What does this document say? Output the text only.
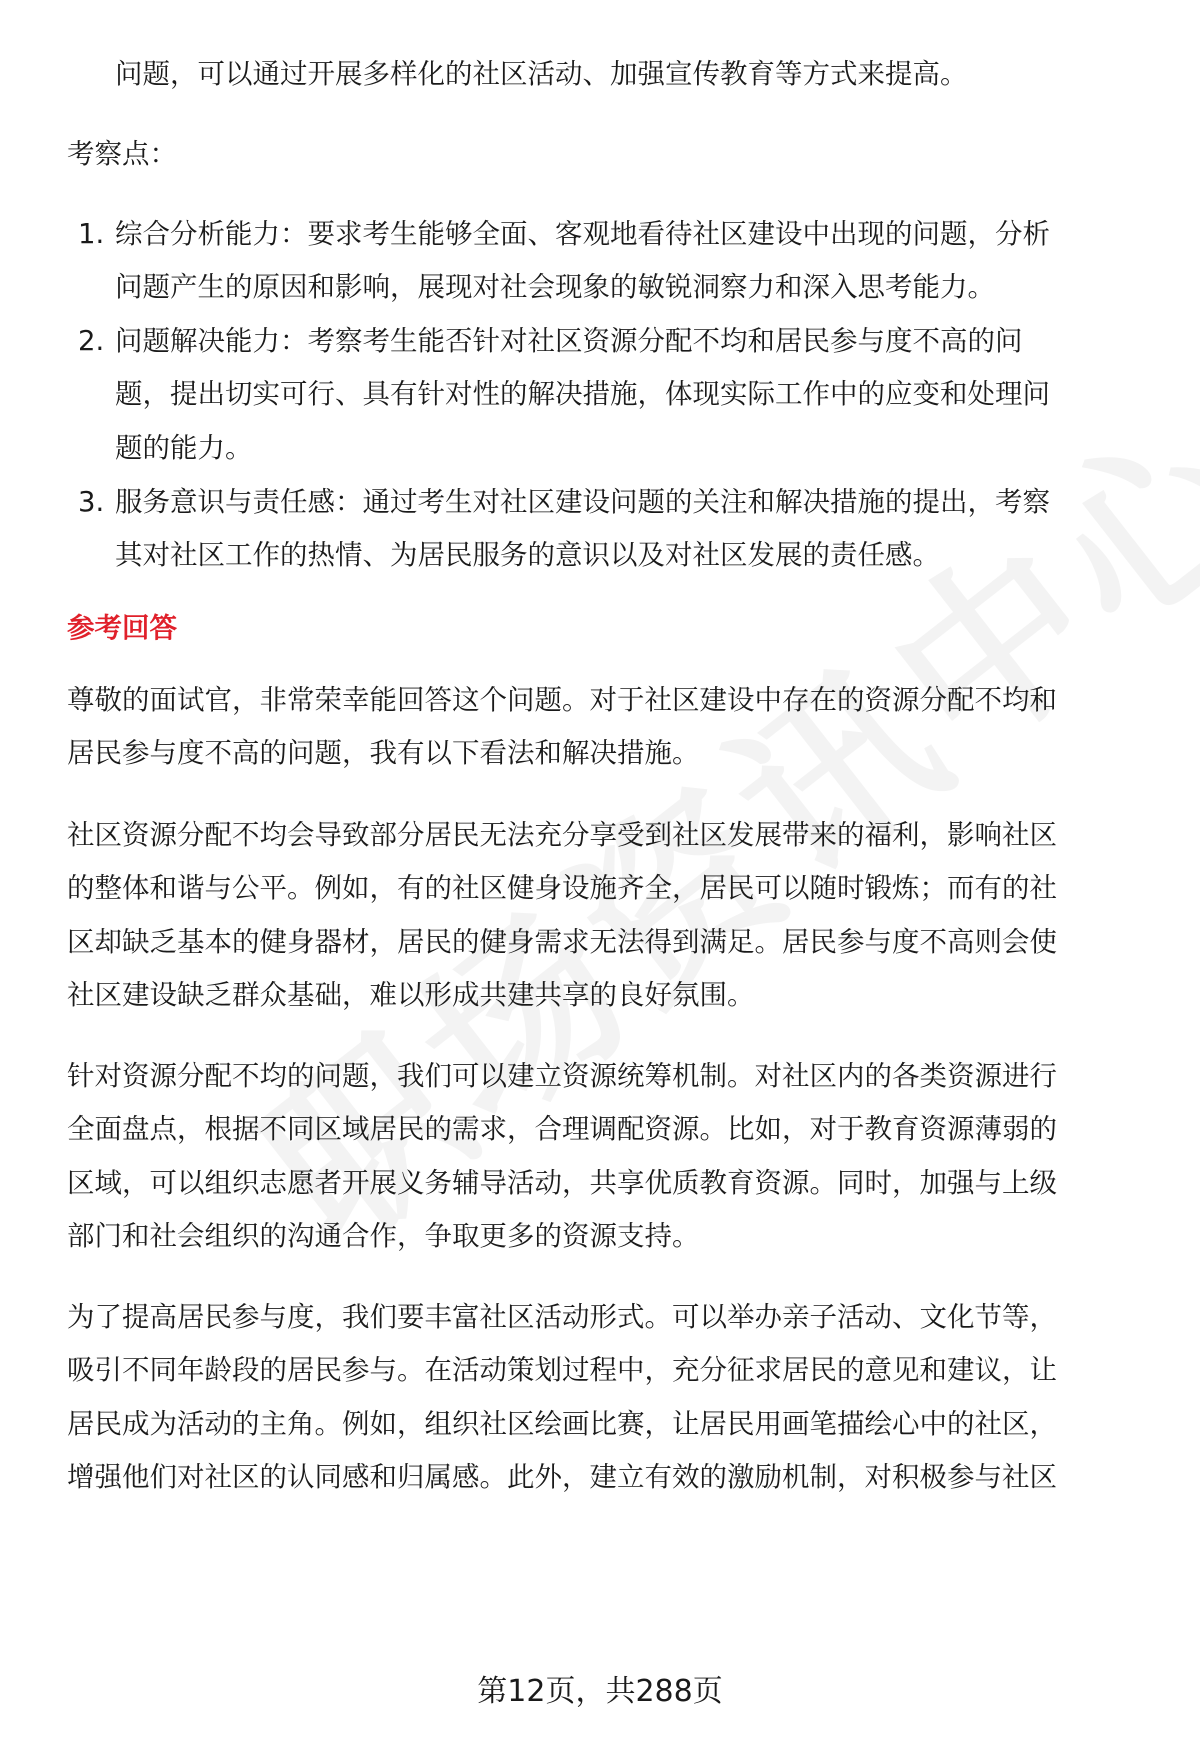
问题，可以通过开展多样化的社区活动、加强宣传教育等方式来提高。
考察点：
1. 综合分析能力：要求考生能够全面、客观地看待社区建设中出现的问题，分析
问题产生的原因和影响，展现对社会现象的敏锐洞察力和深入思考能力。
2. 问题解决能力：考察考生能否针对社区资源分配不均和居民参与度不高的问
题，提出切实可行、具有针对性的解决措施，体现实际工作中的应变和处理问
题的能力。
3. 服务意识与责任感：通过考生对社区建设问题的关注和解决措施的提出，考察
其对社区工作的热情、为居民服务的意识以及对社区发展的责任感。
参考回答
尊敬的面试官，非常荣幸能回答这个问题。对于社区建设中存在的资源分配不均和
居民参与度不高的问题，我有以下看法和解决措施。
社区资源分配不均会导致部分居民无法充分享受到社区发展带来的福利，影响社区
的整体和谐与公平。例如，有的社区健身设施齐全，居民可以随时锻炼；而有的社
区却缺乏基本的健身器材，居民的健身需求无法得到满足。居民参与度不高则会使
社区建设缺乏群众基础，难以形成共建共享的良好氛围。
针对资源分配不均的问题，我们可以建立资源统筹机制。对社区内的各类资源进行
全面盘点，根据不同区域居民的需求，合理调配资源。比如，对于教育资源薄弱的
区域，可以组织志愿者开展义务辅导活动，共享优质教育资源。同时，加强与上级
部门和社会组织的沟通合作，争取更多的资源支持。
为了提高居民参与度，我们要丰富社区活动形式。可以举办亲子活动、文化节等，
吸引不同年龄段的居民参与。在活动策划过程中，充分征求居民的意见和建议，让
居民成为活动的主角。例如，组织社区绘画比赛，让居民用画笔描绘心中的社区，
增强他们对社区的认同感和归属感。此外，建立有效的激励机制，对积极参与社区
第12页，共288页
